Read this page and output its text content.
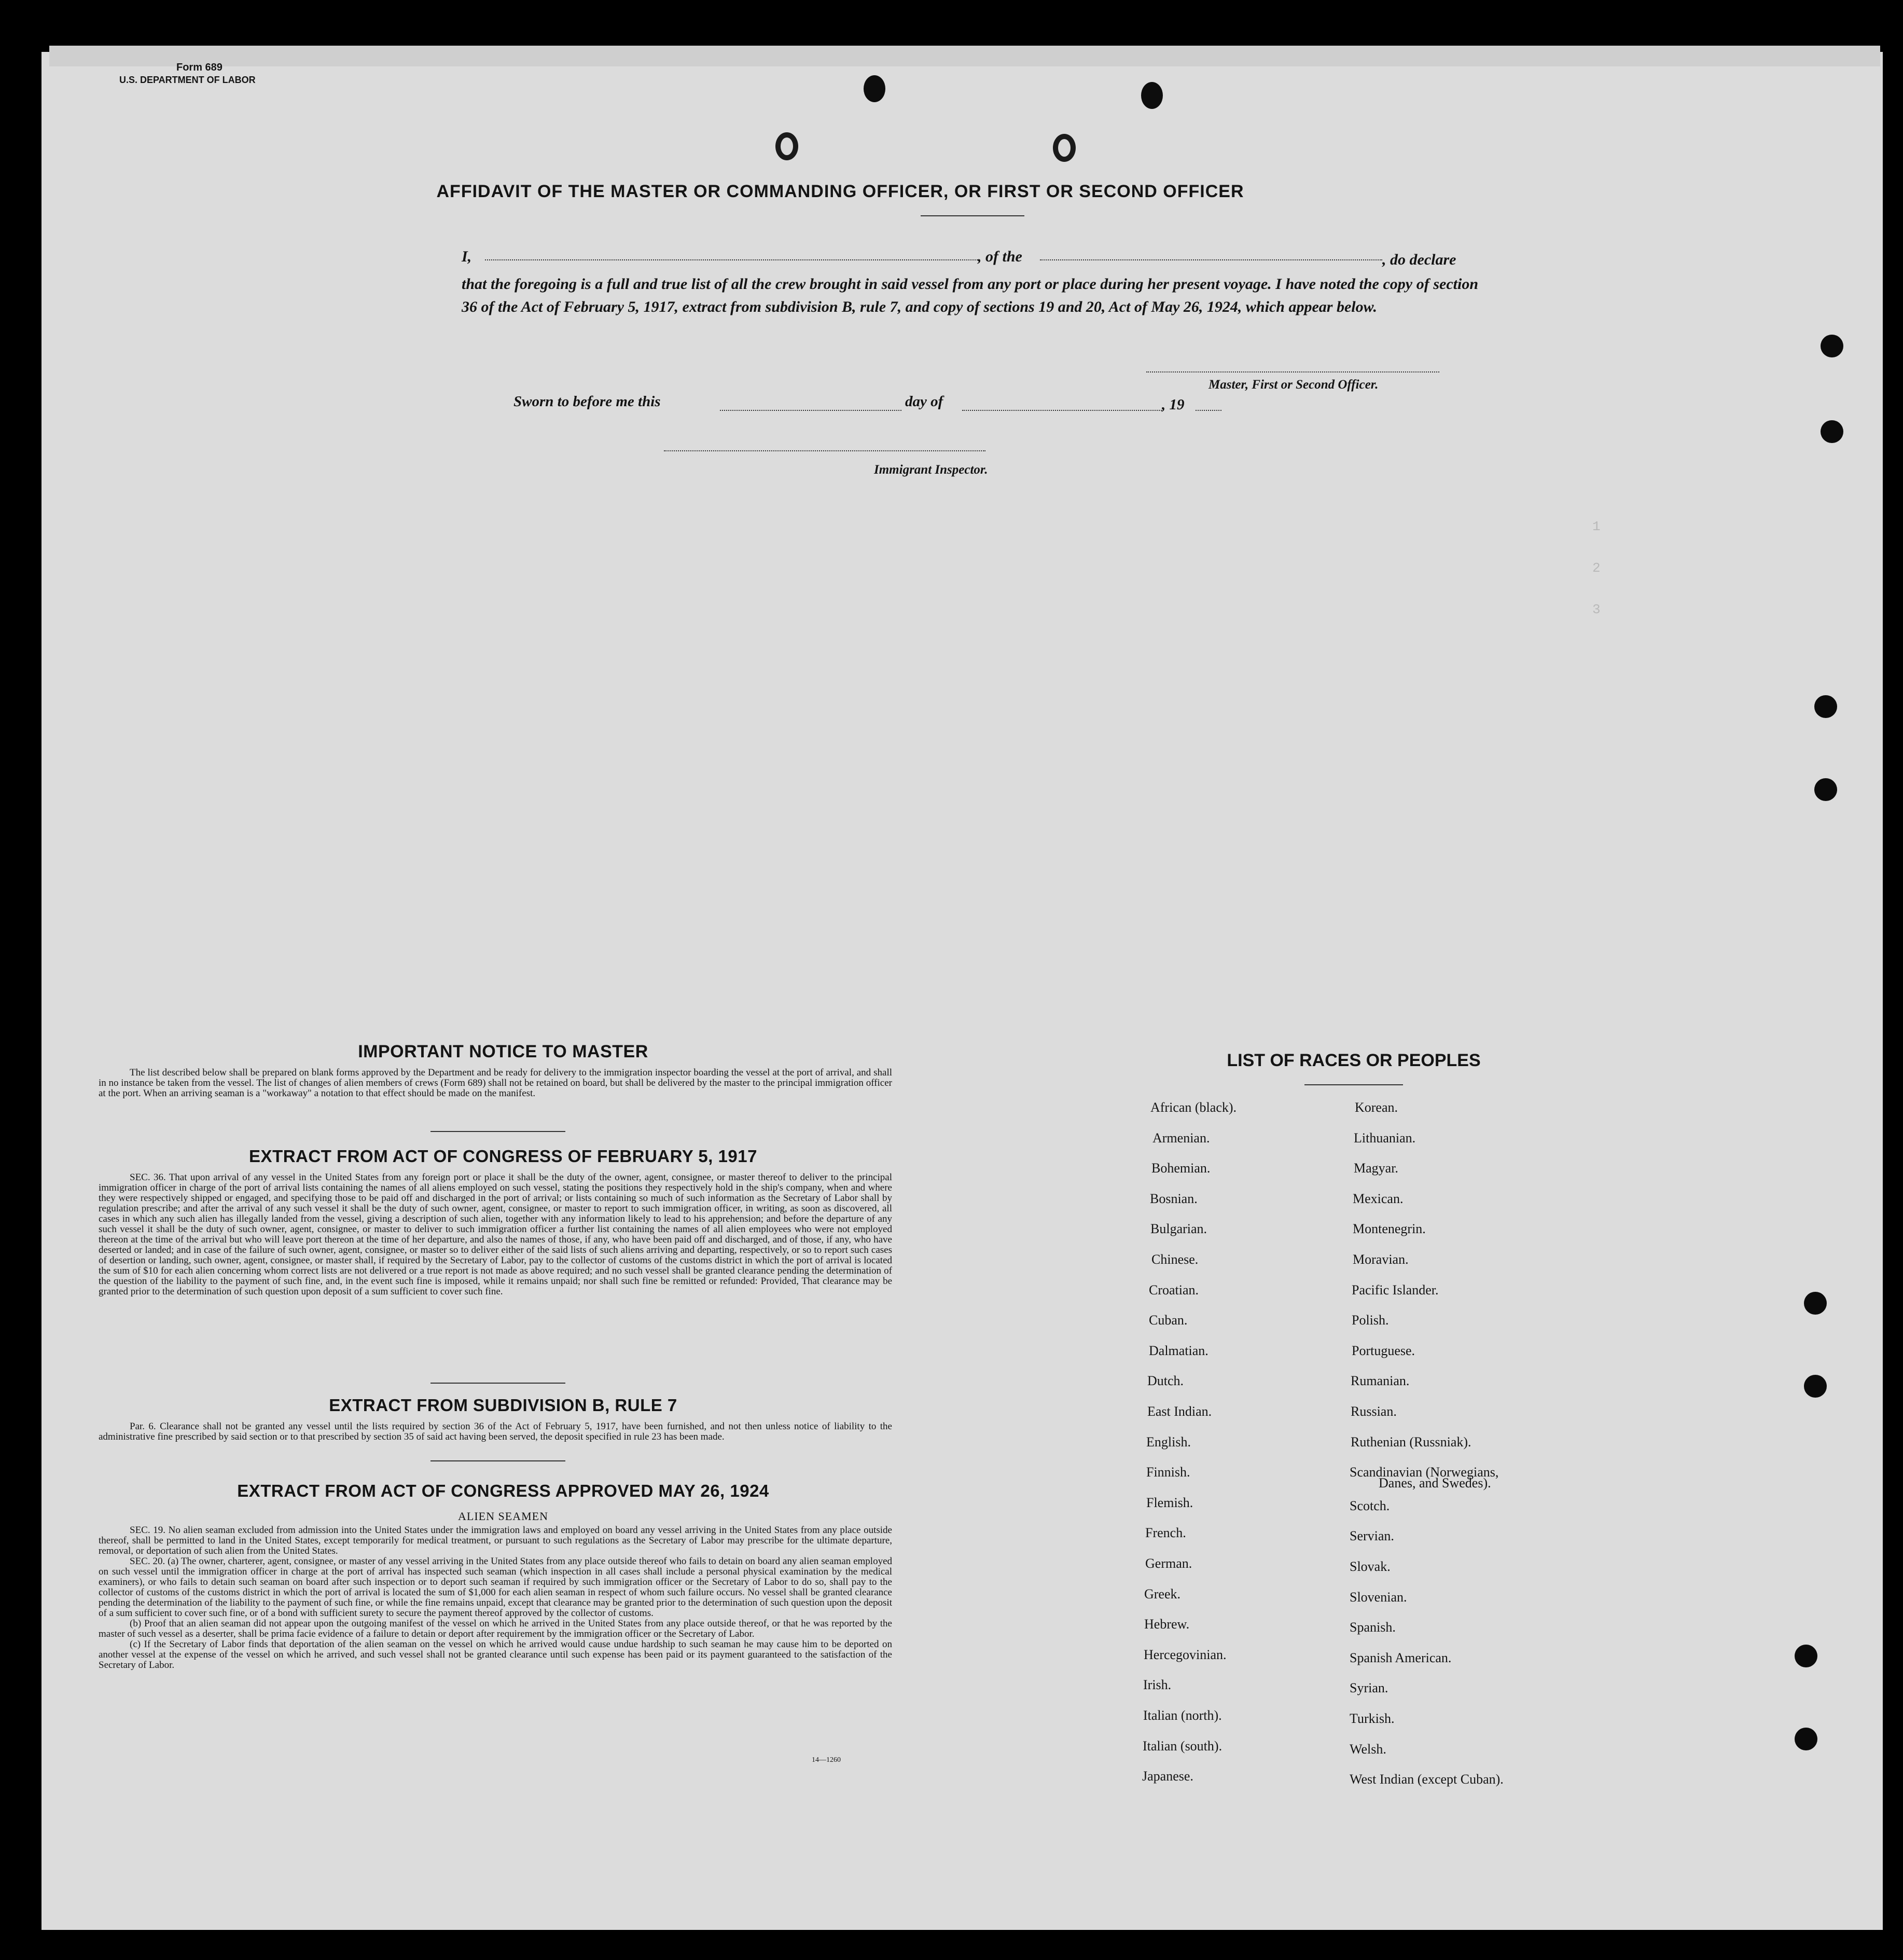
Form 689
U.S. DEPARTMENT OF LABOR
AFFIDAVIT OF THE MASTER OR COMMANDING OFFICER, OR FIRST OR SECOND OFFICER
I,	, of the	, do declare
that the foregoing is a full and true list of all the crew brought in said vessel from any port or place during her present voyage. I have noted the copy of section 36 of the Act of February 5, 1917, extract from subdivision B, rule 7, and copy of sections 19 and 20, Act of May 26, 1924, which appear below.
Master, First or Second Officer.
Sworn to before me this	day of	, 19
Immigrant Inspector.
1
2
3
IMPORTANT NOTICE TO MASTER

The list described below shall be prepared on blank forms approved by the Department and be ready for delivery to the immigration inspector boarding the vessel at the port of arrival, and shall in no instance be taken from the vessel. The list of changes of alien members of crews (Form 689) shall not be retained on board, but shall be delivered by the master to the principal immigration officer at the port. When an arriving seaman is a "workaway" a notation to that effect should be made on the manifest.

EXTRACT FROM ACT OF CONGRESS OF FEBRUARY 5, 1917

SEC. 36. That upon arrival of any vessel in the United States from any foreign port or place it shall be the duty of the owner, agent, consignee, or master thereof to deliver to the principal immigration officer in charge of the port of arrival lists containing the names of all aliens employed on such vessel, stating the positions they respectively hold in the ship's company, when and where they were respectively shipped or engaged, and specifying those to be paid off and discharged in the port of arrival; or lists containing so much of such information as the Secretary of Labor shall by regulation prescribe; and after the arrival of any such vessel it shall be the duty of such owner, agent, consignee, or master to report to such immigration officer, in writing, as soon as discovered, all cases in which any such alien has illegally landed from the vessel, giving a description of such alien, together with any information likely to lead to his apprehension; and before the departure of any such vessel it shall be the duty of such owner, agent, consignee, or master to deliver to such immigration officer a further list containing the names of all alien employees who were not employed thereon at the time of the arrival but who will leave port thereon at the time of her departure, and also the names of those, if any, who have been paid off and discharged, and of those, if any, who have deserted or landed; and in case of the failure of such owner, agent, consignee, or master so to deliver either of the said lists of such aliens arriving and departing, respectively, or so to report such cases of desertion or landing, such owner, agent, consignee, or master shall, if required by the Secretary of Labor, pay to the collector of customs of the customs district in which the port of arrival is located the sum of $10 for each alien concerning whom correct lists are not delivered or a true report is not made as above required; and no such vessel shall be granted clearance pending the determination of the question of the liability to the payment of such fine, and, in the event such fine is imposed, while it remains unpaid; nor shall such fine be remitted or refunded: Provided, That clearance may be granted prior to the determination of such question upon deposit of a sum sufficient to cover such fine.

EXTRACT FROM SUBDIVISION B, RULE 7

Par. 6. Clearance shall not be granted any vessel until the lists required by section 36 of the Act of February 5, 1917, have been furnished, and not then unless notice of liability to the administrative fine prescribed by said section or to that prescribed by section 35 of said act having been served, the deposit specified in rule 23 has been made.

EXTRACT FROM ACT OF CONGRESS APPROVED MAY 26, 1924
ALIEN SEAMEN

SEC. 19. No alien seaman excluded from admission into the United States under the immigration laws and employed on board any vessel arriving in the United States from any place outside thereof, shall be permitted to land in the United States, except temporarily for medical treatment, or pursuant to such regulations as the Secretary of Labor may prescribe for the ultimate departure, removal, or deportation of such alien from the United States.

SEC. 20. (a) The owner, charterer, agent, consignee, or master of any vessel arriving in the United States from any place outside thereof who fails to detain on board any alien seaman employed on such vessel until the immigration officer in charge at the port of arrival has inspected such seaman (which inspection in all cases shall include a personal physical examination by the medical examiners), or who fails to detain such seaman on board after such inspection or to deport such seaman if required by such immigration officer or the Secretary of Labor to do so, shall pay to the collector of customs of the customs district in which the port of arrival is located the sum of $1,000 for each alien seaman in respect of whom such failure occurs. No vessel shall be granted clearance pending the determination of the liability to the payment of such fine, or while the fine remains unpaid, except that clearance may be granted prior to the determination of such question upon the deposit of a sum sufficient to cover such fine, or of a bond with sufficient surety to secure the payment thereof approved by the collector of customs.

(b) Proof that an alien seaman did not appear upon the outgoing manifest of the vessel on which he arrived in the United States from any place outside thereof, or that he was reported by the master of such vessel as a deserter, shall be prima facie evidence of a failure to detain or deport after requirement by the immigration officer or the Secretary of Labor.

(c) If the Secretary of Labor finds that deportation of the alien seaman on the vessel on which he arrived would cause undue hardship to such seaman he may cause him to be deported on another vessel at the expense of the vessel on which he arrived, and such vessel shall not be granted clearance until such expense has been paid or its payment guaranteed to the satisfaction of the Secretary of Labor.

14—1260
LIST OF RACES OR PEOPLES
African (black).
Armenian.
Bohemian.
Bosnian.
Bulgarian.
Chinese.
Croatian.
Cuban.
Dalmatian.
Dutch.
East Indian.
English.
Finnish.
Flemish.
French.
German.
Greek.
Hebrew.
Hercegovinian.
Irish.
Italian (north).
Italian (south).
Japanese.
Korean.
Lithuanian.
Magyar.
Mexican.
Montenegrin.
Moravian.
Pacific Islander.
Polish.
Portuguese.
Rumanian.
Russian.
Ruthenian (Russniak).
Scandinavian (Norwegians,
Scotch.
Servian.
Slovak.
Slovenian.
Spanish.
Spanish American.
Syrian.
Turkish.
Welsh.
West Indian (except Cuban).
Danes, and Swedes).
